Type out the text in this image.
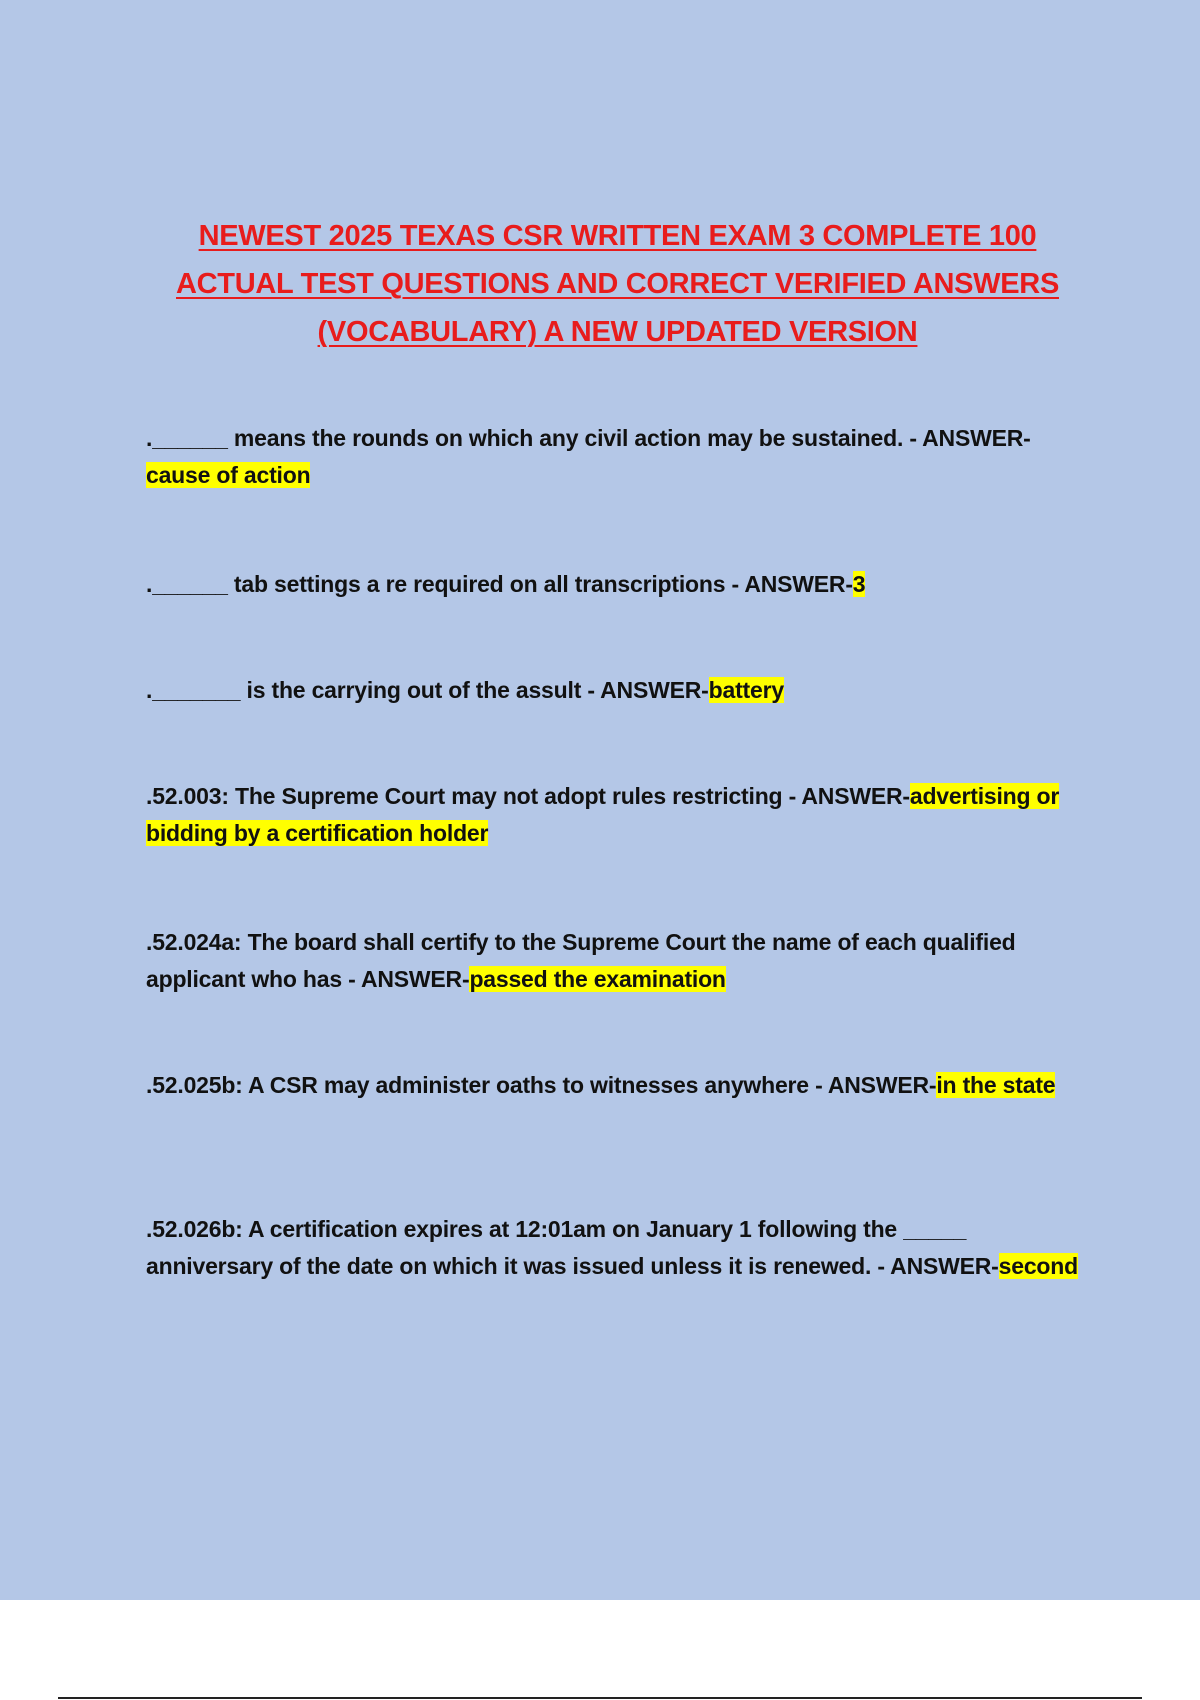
NEWEST 2025 TEXAS CSR WRITTEN EXAM 3 COMPLETE 100 ACTUAL TEST QUESTIONS AND CORRECT VERIFIED ANSWERS (VOCABULARY) A NEW UPDATED VERSION
.______ means the rounds on which any civil action may be sustained. - ANSWER-cause of action
.______ tab settings a re required on all transcriptions - ANSWER-3
._______ is the carrying out of the assult - ANSWER-battery
.52.003: The Supreme Court may not adopt rules restricting - ANSWER-advertising or bidding by a certification holder
.52.024a: The board shall certify to the Supreme Court the name of each qualified applicant who has - ANSWER-passed the examination
.52.025b: A CSR may administer oaths to witnesses anywhere - ANSWER-in the state
.52.026b: A certification expires at 12:01am on January 1 following the _____ anniversary of the date on which it was issued unless it is renewed. - ANSWER-second
